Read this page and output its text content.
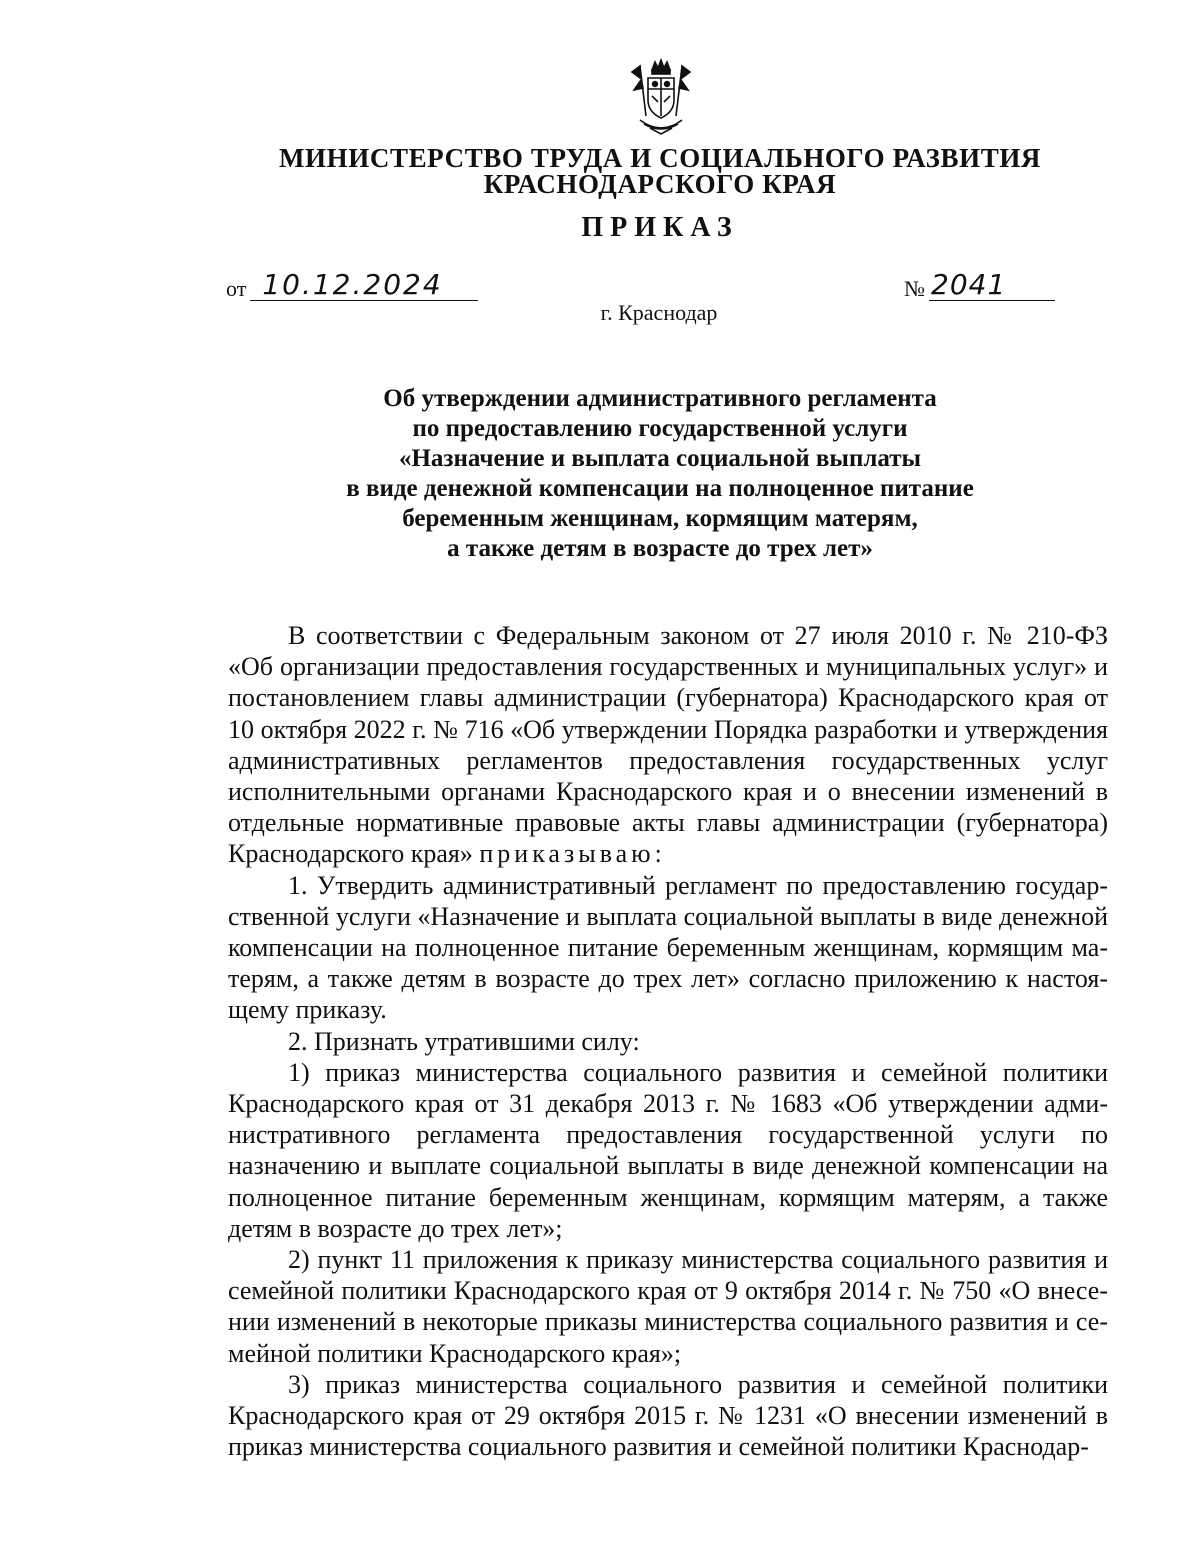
МИНИСТЕРСТВО ТРУДА И СОЦИАЛЬНОГО РАЗВИТИЯ
КРАСНОДАРСКОГО КРАЯ
ПРИКАЗ
от 10.12.2024	№ 2041
г. Краснодар
Об утверждении административного регламента
по предоставлению государственной услуги
«Назначение и выплата социальной выплаты
в виде денежной компенсации на полноценное питание
беременным женщинам, кормящим матерям,
а также детям в возрасте до трех лет»

В соответствии с Федеральным законом от 27 июля 2010 г. № 210-ФЗ «Об организации предоставления государственных и муниципальных услуг» и постановлением главы администрации (губернатора) Краснодарского края от 10 октября 2022 г. № 716 «Об утверждении Порядка разработки и утверждения административных регламентов предоставления государственных услуг исполнительными органами Краснодарского края и о внесении изменений в отдельные нормативные правовые акты главы администрации (губернатора) Краснодарского края» приказываю:

1. Утвердить административный регламент по предоставлению государственной услуги «Назначение и выплата социальной выплаты в виде денежной компенсации на полноценное питание беременным женщинам, кормящим матерям, а также детям в возрасте до трех лет» согласно приложению к настоящему приказу.

2. Признать утратившими силу:

1) приказ министерства социального развития и семейной политики Краснодарского края от 31 декабря 2013 г. № 1683 «Об утверждении административного регламента предоставления государственной услуги по назначению и выплате социальной выплаты в виде денежной компенсации на полноценное питание беременным женщинам, кормящим матерям, а также детям в возрасте до трех лет»;

2) пункт 11 приложения к приказу министерства социального развития и семейной политики Краснодарского края от 9 октября 2014 г. № 750 «О внесении изменений в некоторые приказы министерства социального развития и семейной политики Краснодарского края»;

3) приказ министерства социального развития и семейной политики Краснодарского края от 29 октября 2015 г. № 1231 «О внесении изменений в приказ министерства социального развития и семейной политики Краснодар-
